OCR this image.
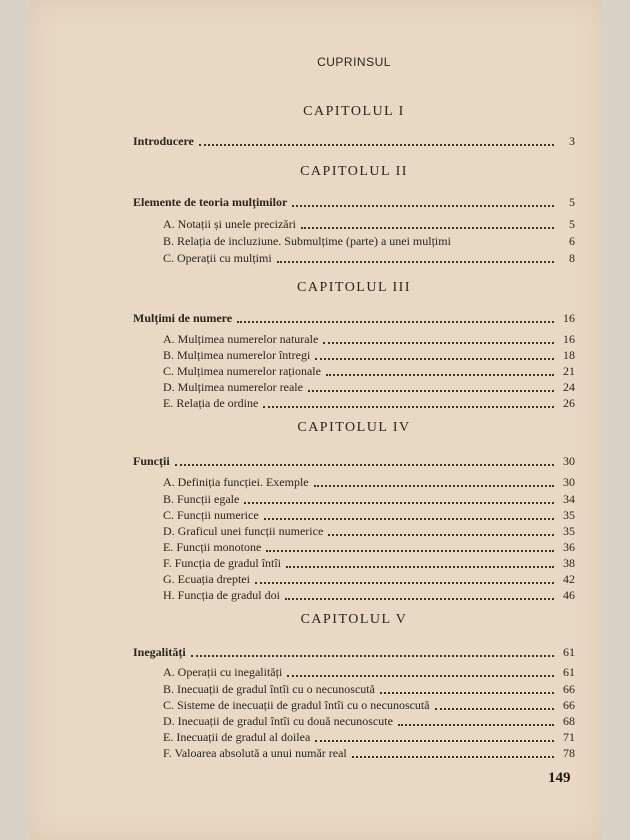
CUPRINSUL
CAPITOLUL I
Introducere	3
CAPITOLUL II
Elemente de teoria mulțimilor	5
A. Notații și unele precizări	5
B. Relația de incluziune. Submulțime (parte) a unei mulțimi	6
C. Operații cu mulțimi	8
CAPITOLUL III
Mulțimi de numere	16
A. Mulțimea numerelor naturale	16
B. Mulțimea numerelor întregi	18
C. Mulțimea numerelor raționale	21
D. Mulțimea numerelor reale	24
E. Relația de ordine	26
CAPITOLUL IV
Funcții	30
A. Definiția funcției. Exemple	30
B. Funcții egale	34
C. Funcții numerice	35
D. Graficul unei funcții numerice	35
E. Funcții monotone	36
F. Funcția de gradul întîi	38
G. Ecuația dreptei	42
H. Funcția de gradul doi	46
CAPITOLUL V
Inegalități	61
A. Operații cu inegalități	61
B. Inecuații de gradul întîi cu o necunoscută	66
C. Sisteme de inecuații de gradul întîi cu o necunoscută	66
D. Inecuații de gradul întîi cu două necunoscute	68
E. Inecuații de gradul al doilea	71
F. Valoarea absolută a unui număr real	78
149
